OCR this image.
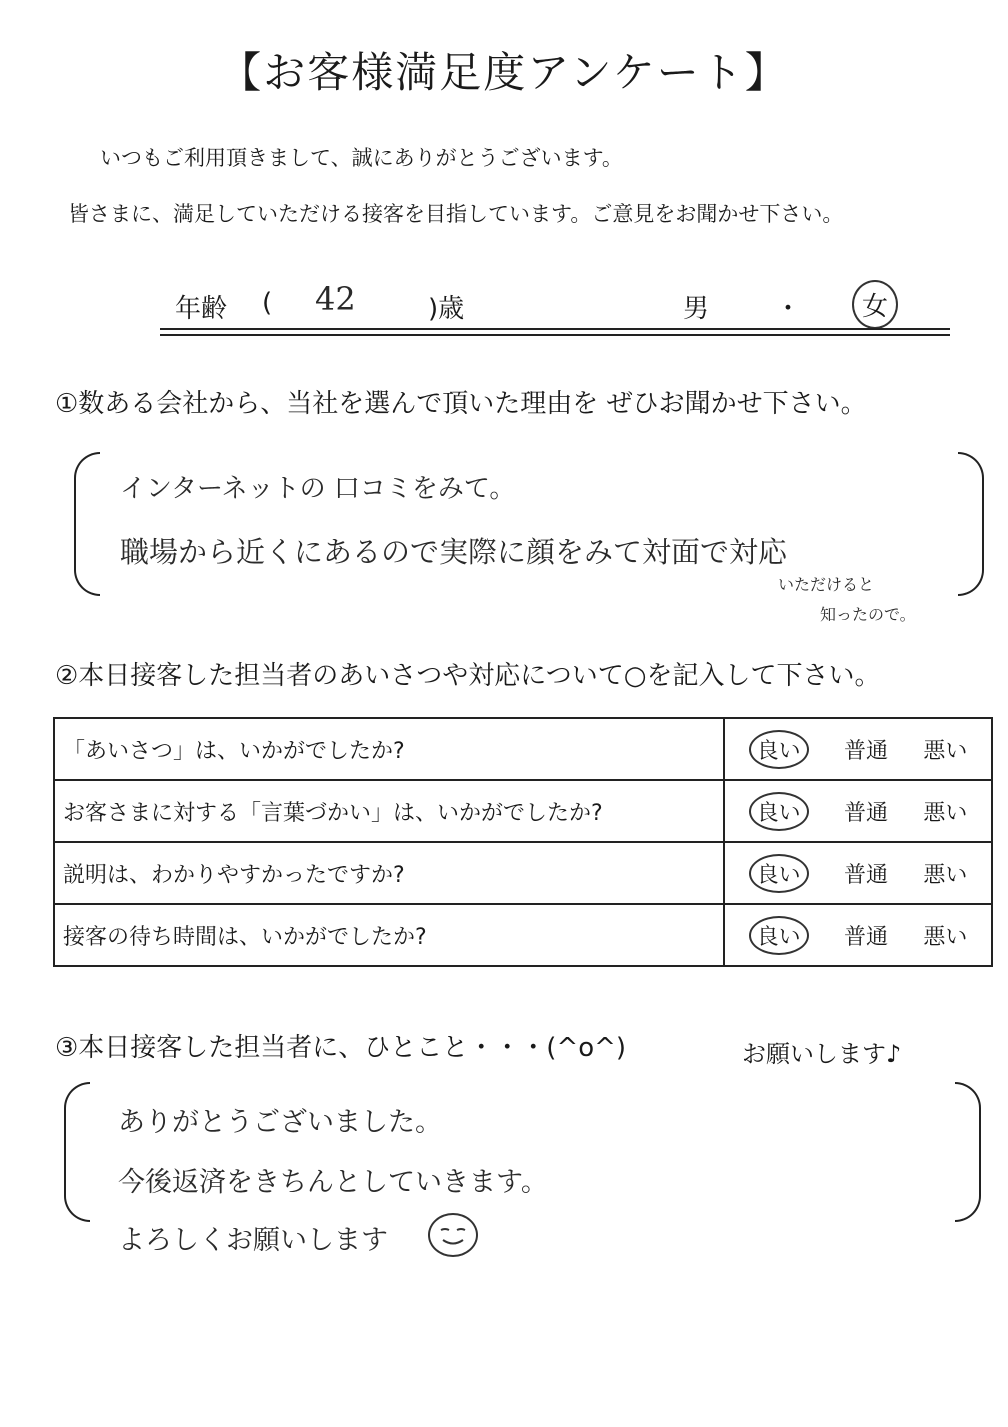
【お客様満足度アンケート】
いつもご利用頂きまして、誠にありがとうございます。
皆さまに、満足していただける接客を目指しています。ご意見をお聞かせ下さい。
年齢 ( 42	)歳	男	・	女
①数ある会社から、当社を選んで頂いた理由を ぜひお聞かせ下さい。
インターネットの 口コミをみて。
職場から近くにあるので実際に顔をみて対面で対応
いただけると
知ったので。
②本日接客した担当者のあいさつや対応について○を記入して下さい。
「あいさつ」は、いかがでしたか?	良い	普通 悪い
お客さまに対する「言葉づかい」は、いかがでしたか?	良い	普通 悪い
説明は、わかりやすかったですか?	良い	普通 悪い
接客の待ち時間は、いかがでしたか?	良い	普通 悪い
③本日接客した担当者に、ひとこと・・・(^o^)	お願いします♪
ありがとうございました。
今後返済をきちんとしていきます。
よろしくお願いします
